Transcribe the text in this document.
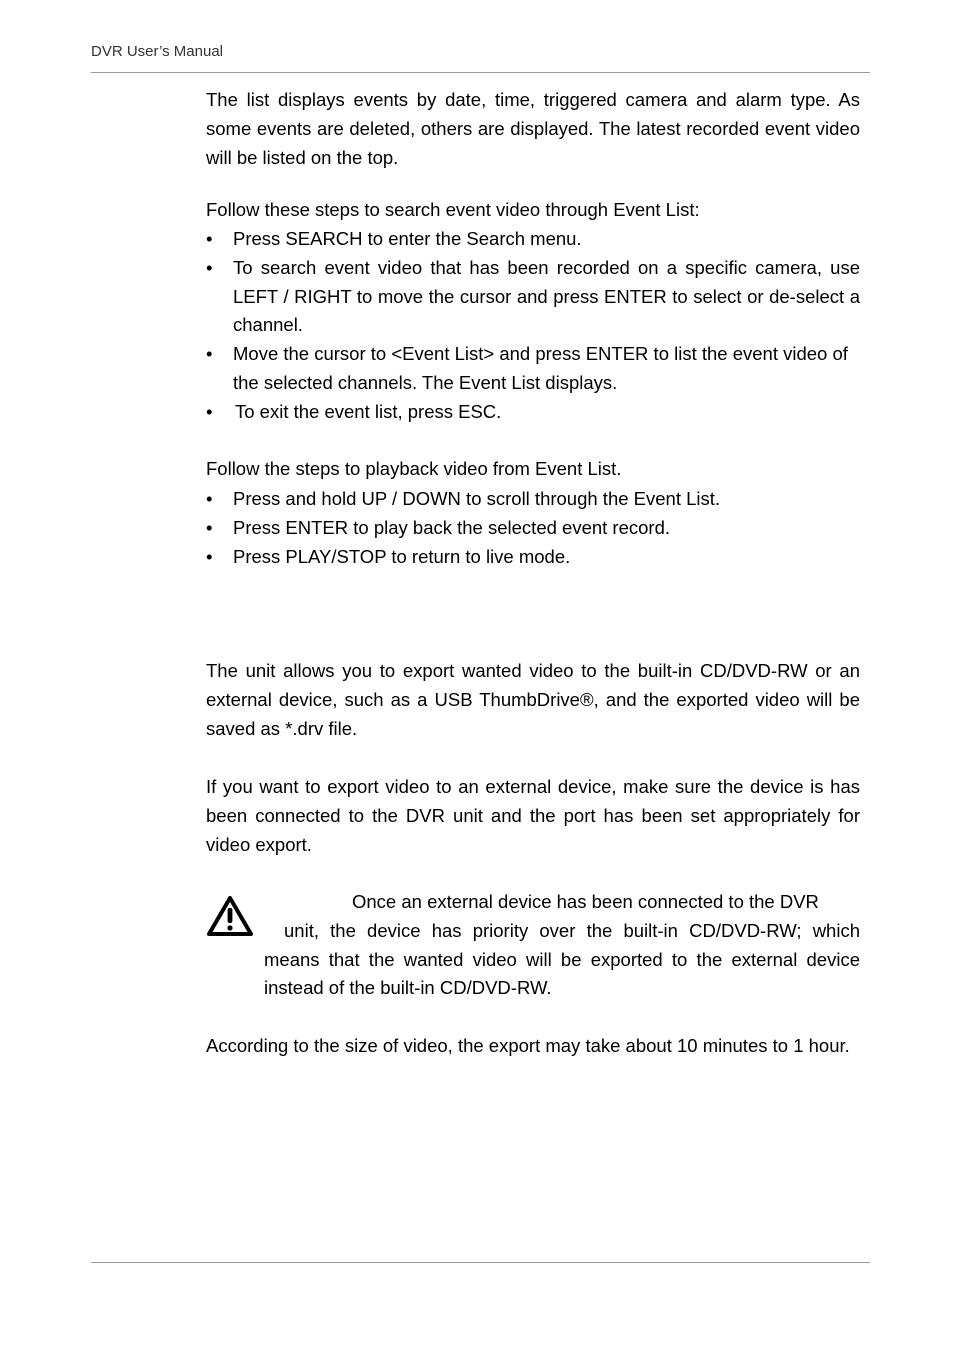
DVR User’s Manual

The list displays events by date, time, triggered camera and alarm type. As some events are deleted, others are displayed. The latest recorded event video will be listed on the top.

Follow these steps to search event video through Event List:

• Press SEARCH to enter the Search menu.
• To search event video that has been recorded on a specific camera, use LEFT / RIGHT to move the cursor and press ENTER to select or de-select a channel.
• Move the cursor to <Event List> and press ENTER to list the event video of the selected channels. The Event List displays.
• To exit the event list, press ESC.

Follow the steps to playback video from Event List.

• Press and hold UP / DOWN to scroll through the Event List.
• Press ENTER to play back the selected event record.
• Press PLAY/STOP to return to live mode.

The unit allows you to export wanted video to the built-in CD/DVD-RW or an external device, such as a USB ThumbDrive®, and the exported video will be saved as *.drv file.

If you want to export video to an external device, make sure the device is has been connected to the DVR unit and the port has been set appropriately for video export.

Once an external device has been connected to the DVR
unit, the device has priority over the built-in CD/DVD-RW; which means that the wanted video will be exported to the external device instead of the built-in CD/DVD-RW.

According to the size of video, the export may take about 10 minutes to 1 hour.
